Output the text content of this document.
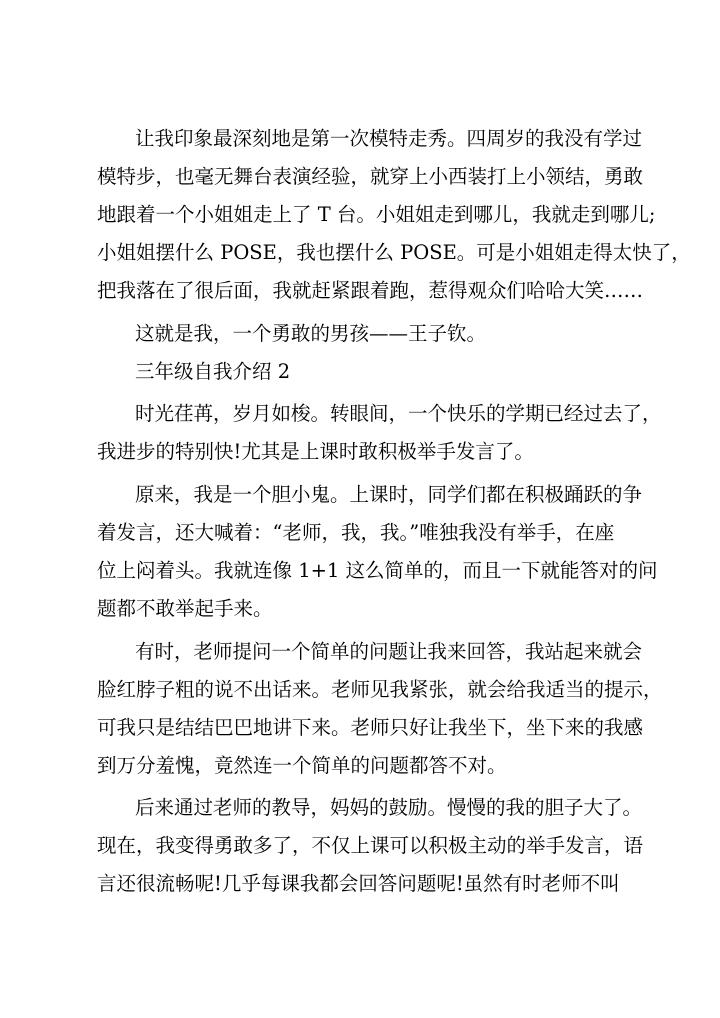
让我印象最深刻地是第一次模特走秀。四周岁的我没有学过
模特步，也毫无舞台表演经验，就穿上小西装打上小领结，勇敢
地跟着一个小姐姐走上了 T 台。小姐姐走到哪儿，我就走到哪儿;
小姐姐摆什么 POSE，我也摆什么 POSE。可是小姐姐走得太快了，
把我落在了很后面，我就赶紧跟着跑，惹得观众们哈哈大笑……
这就是我，一个勇敢的男孩——王子钦。
三年级自我介绍 2
时光荏苒，岁月如梭。转眼间，一个快乐的学期已经过去了，
我进步的特别快!尤其是上课时敢积极举手发言了。
原来，我是一个胆小鬼。上课时，同学们都在积极踊跃的争
着发言，还大喊着：“老师，我，我。”唯独我没有举手，在座
位上闷着头。我就连像 1+1 这么简单的，而且一下就能答对的问
题都不敢举起手来。
有时，老师提问一个简单的问题让我来回答，我站起来就会
脸红脖子粗的说不出话来。老师见我紧张，就会给我适当的提示，
可我只是结结巴巴地讲下来。老师只好让我坐下，坐下来的我感
到万分羞愧，竟然连一个简单的问题都答不对。
后来通过老师的教导，妈妈的鼓励。慢慢的我的胆子大了。
现在，我变得勇敢多了，不仅上课可以积极主动的举手发言，语
言还很流畅呢!几乎每课我都会回答问题呢!虽然有时老师不叫
